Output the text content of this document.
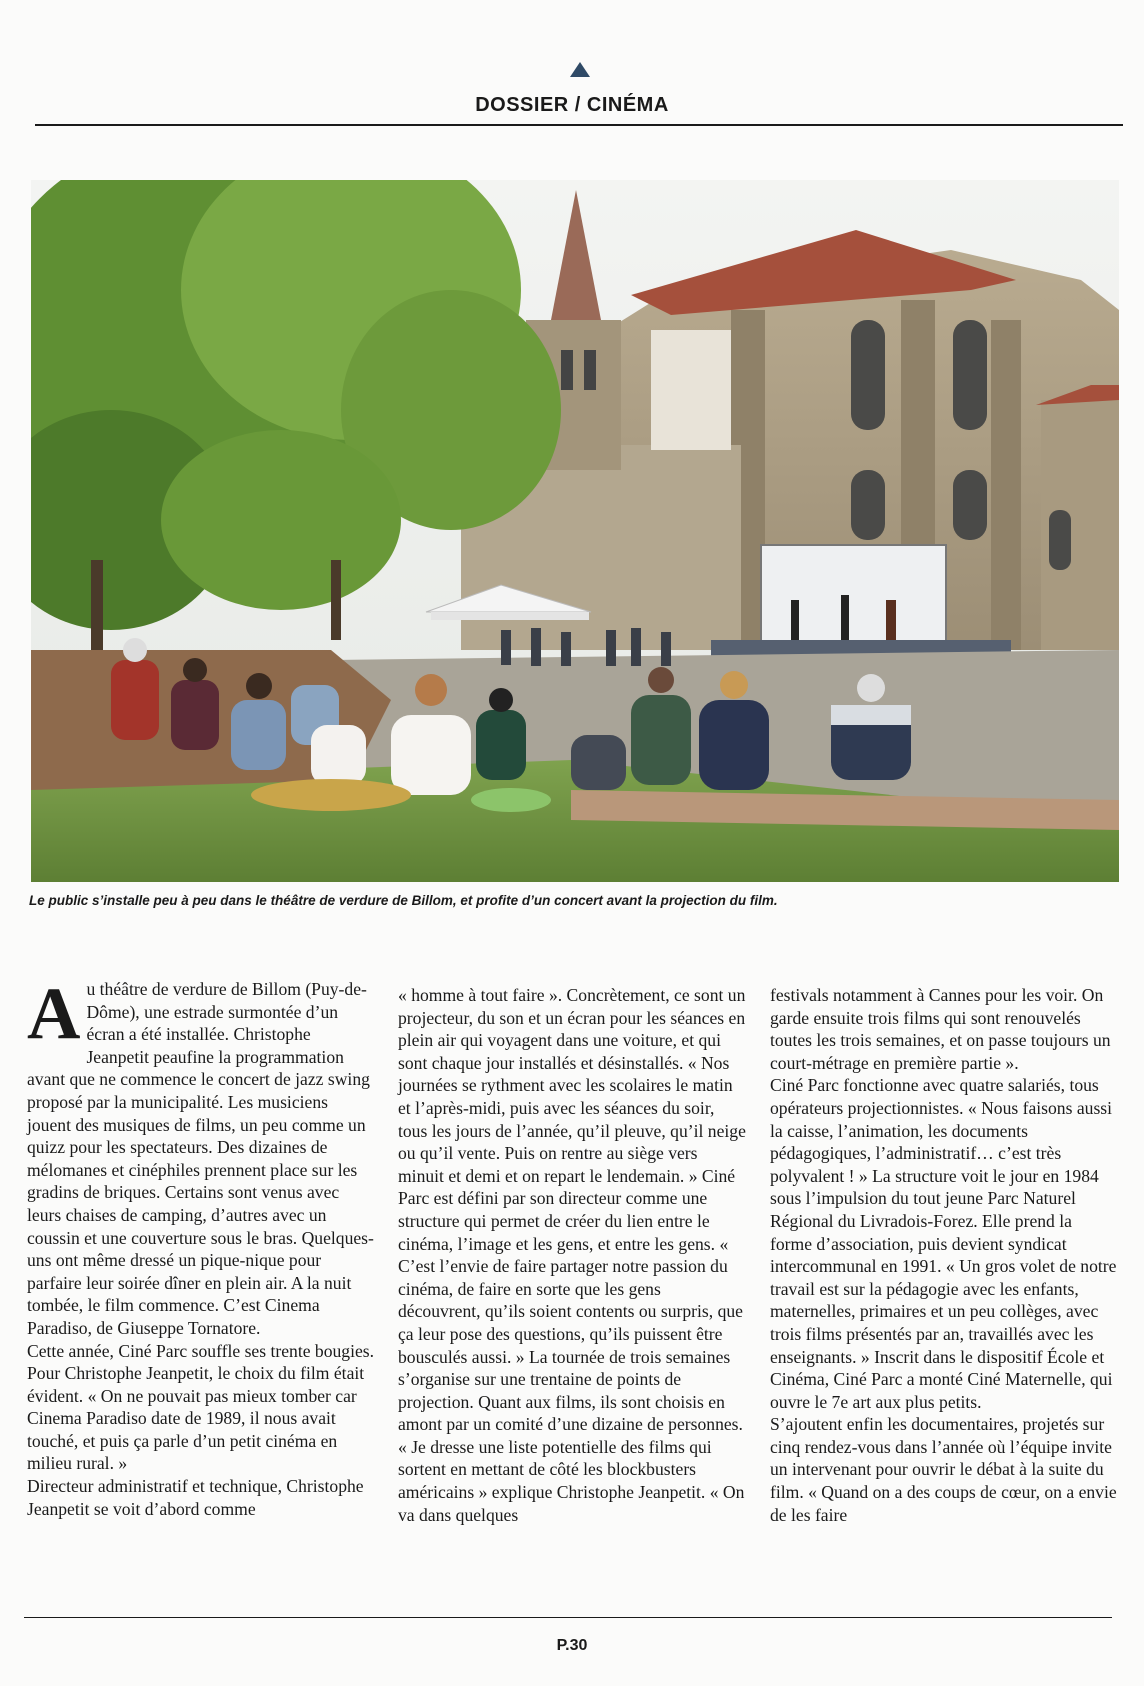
DOSSIER / CINÉMA
Le public s’installe peu à peu dans le théâtre de verdure de Billom, et profite d’un concert avant la projection du film.

Au théâtre de verdure de Billom (Puy-de-Dôme), une estrade surmontée d’un écran a été installée. Christophe Jeanpetit peaufine la programmation avant que ne commence le concert de jazz swing proposé par la municipalité. Les musiciens jouent des musiques de films, un peu comme un quizz pour les spectateurs. Des dizaines de mélomanes et cinéphiles prennent place sur les gradins de briques. Certains sont venus avec leurs chaises de camping, d’autres avec un coussin et une couverture sous le bras. Quelques-uns ont même dressé un pique-nique pour parfaire leur soirée dîner en plein air. A la nuit tombée, le film commence. C’est Cinema Paradiso, de Giuseppe Tornatore.

Cette année, Ciné Parc souffle ses trente bougies. Pour Christophe Jeanpetit, le choix du film était évident. « On ne pouvait pas mieux tomber car Cinema Paradiso date de 1989, il nous avait touché, et puis ça parle d’un petit cinéma en milieu rural. »

Directeur administratif et technique, Christophe Jeanpetit se voit d’abord comme

« homme à tout faire ». Concrètement, ce sont un projecteur, du son et un écran pour les séances en plein air qui voyagent dans une voiture, et qui sont chaque jour installés et désinstallés. « Nos journées se rythment avec les scolaires le matin et l’après-midi, puis avec les séances du soir, tous les jours de l’année, qu’il pleuve, qu’il neige ou qu’il vente. Puis on rentre au siège vers minuit et demi et on repart le lendemain. » Ciné Parc est défini par son directeur comme une structure qui permet de créer du lien entre le cinéma, l’image et les gens, et entre les gens. « C’est l’envie de faire partager notre passion du cinéma, de faire en sorte que les gens découvrent, qu’ils soient contents ou surpris, que ça leur pose des questions, qu’ils puissent être bousculés aussi. » La tournée de trois semaines s’organise sur une trentaine de points de projection. Quant aux films, ils sont choisis en amont par un comité d’une dizaine de personnes. « Je dresse une liste potentielle des films qui sortent en mettant de côté les blockbusters américains » explique Christophe Jeanpetit. « On va dans quelques

festivals notamment à Cannes pour les voir. On garde ensuite trois films qui sont renouvelés toutes les trois semaines, et on passe toujours un court-métrage en première partie ».

Ciné Parc fonctionne avec quatre salariés, tous opérateurs projectionnistes. « Nous faisons aussi la caisse, l’animation, les documents pédagogiques, l’administratif… c’est très polyvalent ! » La structure voit le jour en 1984 sous l’impulsion du tout jeune Parc Naturel Régional du Livradois-Forez. Elle prend la forme d’association, puis devient syndicat intercommunal en 1991. « Un gros volet de notre travail est sur la pédagogie avec les enfants, maternelles, primaires et un peu collèges, avec trois films présentés par an, travaillés avec les enseignants. » Inscrit dans le dispositif École et Cinéma, Ciné Parc a monté Ciné Maternelle, qui ouvre le 7e art aux plus petits.

S’ajoutent enfin les documentaires, projetés sur cinq rendez-vous dans l’année où l’équipe invite un intervenant pour ouvrir le débat à la suite du film. « Quand on a des coups de cœur, on a envie de les faire

P.30
